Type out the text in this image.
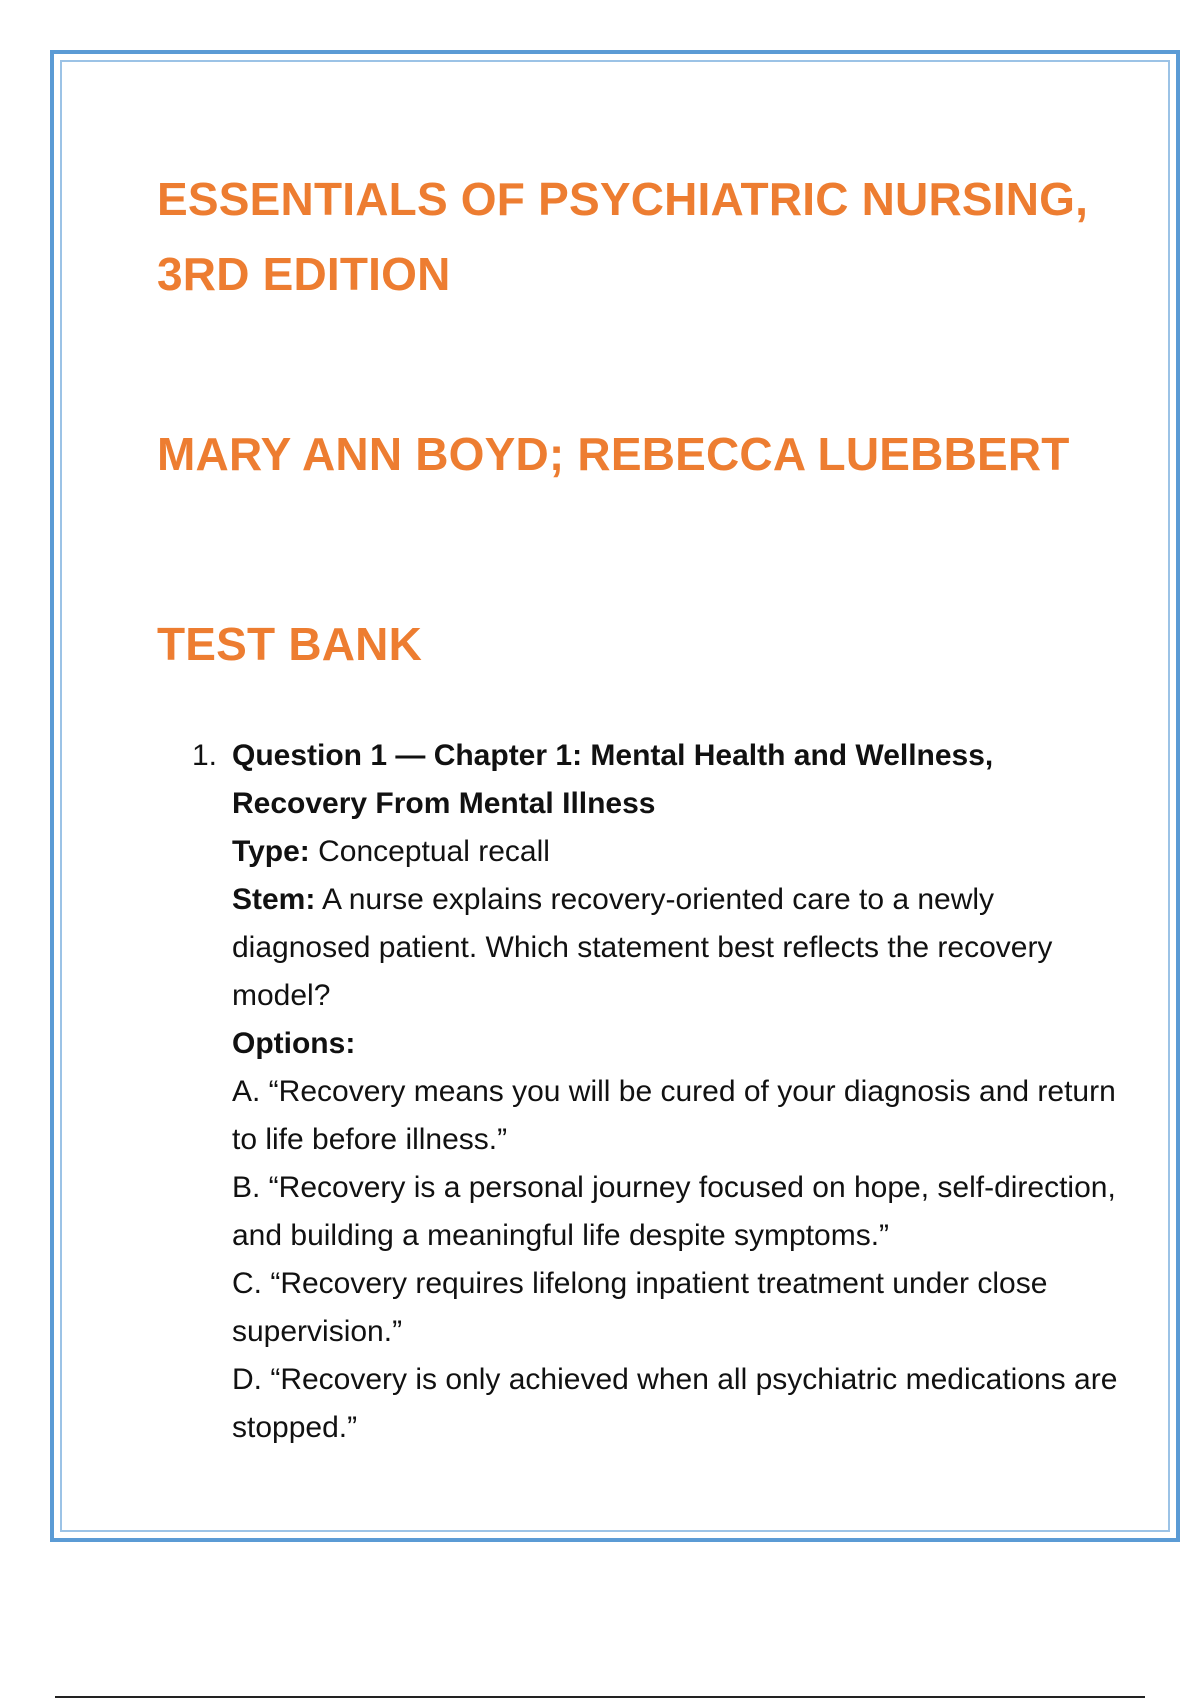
ESSENTIALS OF PSYCHIATRIC NURSING, 3RD EDITION
MARY ANN BOYD; REBECCA LUEBBERT
TEST BANK
1. Question 1 — Chapter 1: Mental Health and Wellness, Recovery From Mental Illness
Type: Conceptual recall
Stem: A nurse explains recovery-oriented care to a newly diagnosed patient. Which statement best reflects the recovery model?
Options:
A. “Recovery means you will be cured of your diagnosis and return to life before illness.”
B. “Recovery is a personal journey focused on hope, self-direction, and building a meaningful life despite symptoms.”
C. “Recovery requires lifelong inpatient treatment under close supervision.”
D. “Recovery is only achieved when all psychiatric medications are stopped.”
